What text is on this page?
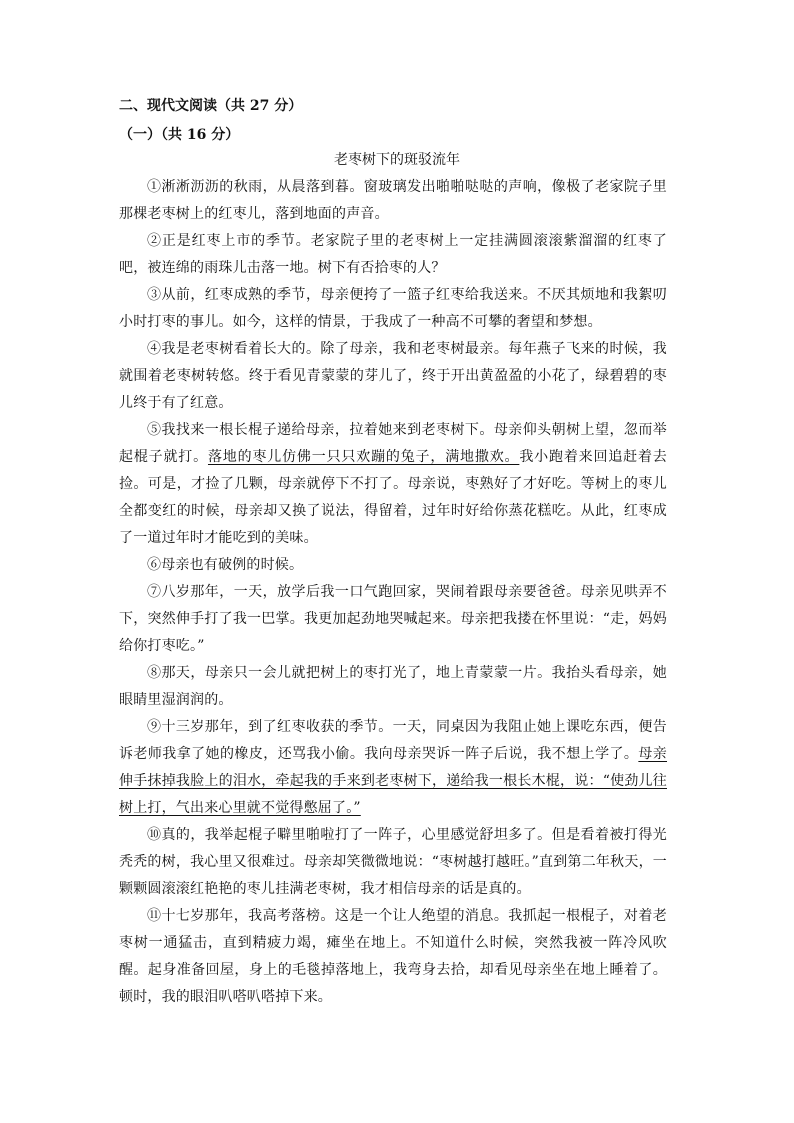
二、现代文阅读（共 27 分）
（一）（共 16 分）
老枣树下的斑驳流年

①淅淅沥沥的秋雨，从晨落到暮。窗玻璃发出啪啪哒哒的声响，像极了老家院子里那棵老枣树上的红枣儿，落到地面的声音。

②正是红枣上市的季节。老家院子里的老枣树上一定挂满圆滚滚紫溜溜的红枣了吧，被连绵的雨珠儿击落一地。树下有否拾枣的人？

③从前，红枣成熟的季节，母亲便挎了一篮子红枣给我送来。不厌其烦地和我絮叨小时打枣的事儿。如今，这样的情景，于我成了一种高不可攀的奢望和梦想。

④我是老枣树看着长大的。除了母亲，我和老枣树最亲。每年燕子飞来的时候，我就围着老枣树转悠。终于看见青蒙蒙的芽儿了，终于开出黄盈盈的小花了，绿碧碧的枣儿终于有了红意。

⑤我找来一根长棍子递给母亲，拉着她来到老枣树下。母亲仰头朝树上望，忽而举起棍子就打。落地的枣儿仿佛一只只欢蹦的兔子，满地撒欢。我小跑着来回追赶着去捡。可是，才捡了几颗，母亲就停下不打了。母亲说，枣熟好了才好吃。等树上的枣儿全都变红的时候，母亲却又换了说法，得留着，过年时好给你蒸花糕吃。从此，红枣成了一道过年时才能吃到的美味。

⑥母亲也有破例的时候。

⑦八岁那年，一天，放学后我一口气跑回家，哭闹着跟母亲要爸爸。母亲见哄弄不下，突然伸手打了我一巴掌。我更加起劲地哭喊起来。母亲把我搂在怀里说：“走，妈妈给你打枣吃。”

⑧那天，母亲只一会儿就把树上的枣打光了，地上青蒙蒙一片。我抬头看母亲，她眼睛里湿润润的。

⑨十三岁那年，到了红枣收获的季节。一天，同桌因为我阻止她上课吃东西，便告诉老师我拿了她的橡皮，还骂我小偷。我向母亲哭诉一阵子后说，我不想上学了。母亲伸手抹掉我脸上的泪水，牵起我的手来到老枣树下，递给我一根长木棍，说：“使劲儿往树上打，气出来心里就不觉得憋屈了。”

⑩真的，我举起棍子噼里啪啦打了一阵子，心里感觉舒坦多了。但是看着被打得光秃秃的树，我心里又很难过。母亲却笑微微地说：“枣树越打越旺。”直到第二年秋天，一颗颗圆滚滚红艳艳的枣儿挂满老枣树，我才相信母亲的话是真的。

⑪十七岁那年，我高考落榜。这是一个让人绝望的消息。我抓起一根棍子，对着老枣树一通猛击，直到精疲力竭，瘫坐在地上。不知道什么时候，突然我被一阵冷风吹醒。起身准备回屋，身上的毛毯掉落地上，我弯身去拾，却看见母亲坐在地上睡着了。顿时，我的眼泪叭嗒叭嗒掉下来。
